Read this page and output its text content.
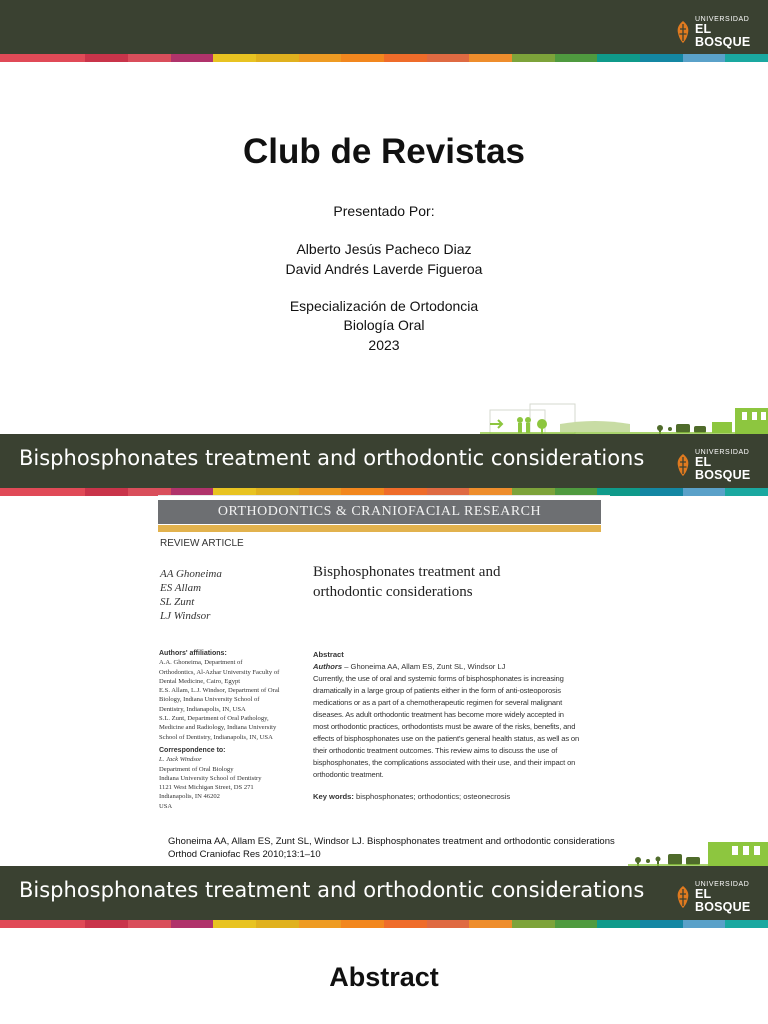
UNIVERSIDAD
EL BOSQUE
Club de Revistas
Presentado Por:
Alberto Jesús Pacheco Diaz
David Andrés Laverde Figueroa
Especialización de Ortodoncia
Biología Oral
2023
Bisphosphonates treatment and orthodontic considerations	UNIVERSIDAD
EL BOSQUE
ORTHODONTICS & CRANIOFACIAL RESEARCH
REVIEW ARTICLE
AA Ghoneima
ES Allam
SL Zunt
LJ Windsor
Bisphosphonates treatment and
orthodontic considerations
Authors' affiliations:
A.A. Ghoneima, Department of
Orthodontics, Al-Azhar University Faculty of
Dental Medicine, Cairo, Egypt
E.S. Allam, L.J. Windsor, Department of Oral
Biology, Indiana University School of
Dentistry, Indianapolis, IN, USA
S.L. Zunt, Department of Oral Pathology,
Medicine and Radiology, Indiana University
School of Dentistry, Indianapolis, IN, USA
Correspondence to:
L. Jack Windsor
Department of Oral Biology
Indiana University School of Dentistry
1121 West Michigan Street, DS 271
Indianapolis, IN 46202
USA
Abstract
Authors – Ghoneima AA, Allam ES, Zunt SL, Windsor LJ
Currently, the use of oral and systemic forms of bisphosphonates is increasing
dramatically in a large group of patients either in the form of anti-osteoporosis
medications or as a part of a chemotherapeutic regimen for several malignant
diseases. As adult orthodontic treatment has become more widely accepted in
most orthodontic practices, orthodontists must be aware of the risks, benefits, and
effects of bisphosphonates use on the patient's general health status, as well as on
their orthodontic treatment outcomes. This review aims to discuss the use of
bisphosphonates, the complications associated with their use, and their impact on
orthodontic treatment.
Key words: bisphosphonates; orthodontics; osteonecrosis
Ghoneima AA, Allam ES, Zunt SL, Windsor LJ. Bisphosphonates treatment and orthodontic considerations
Orthod Craniofac Res 2010;13:1–10
Bisphosphonates treatment and orthodontic considerations	UNIVERSIDAD
EL BOSQUE
Abstract
